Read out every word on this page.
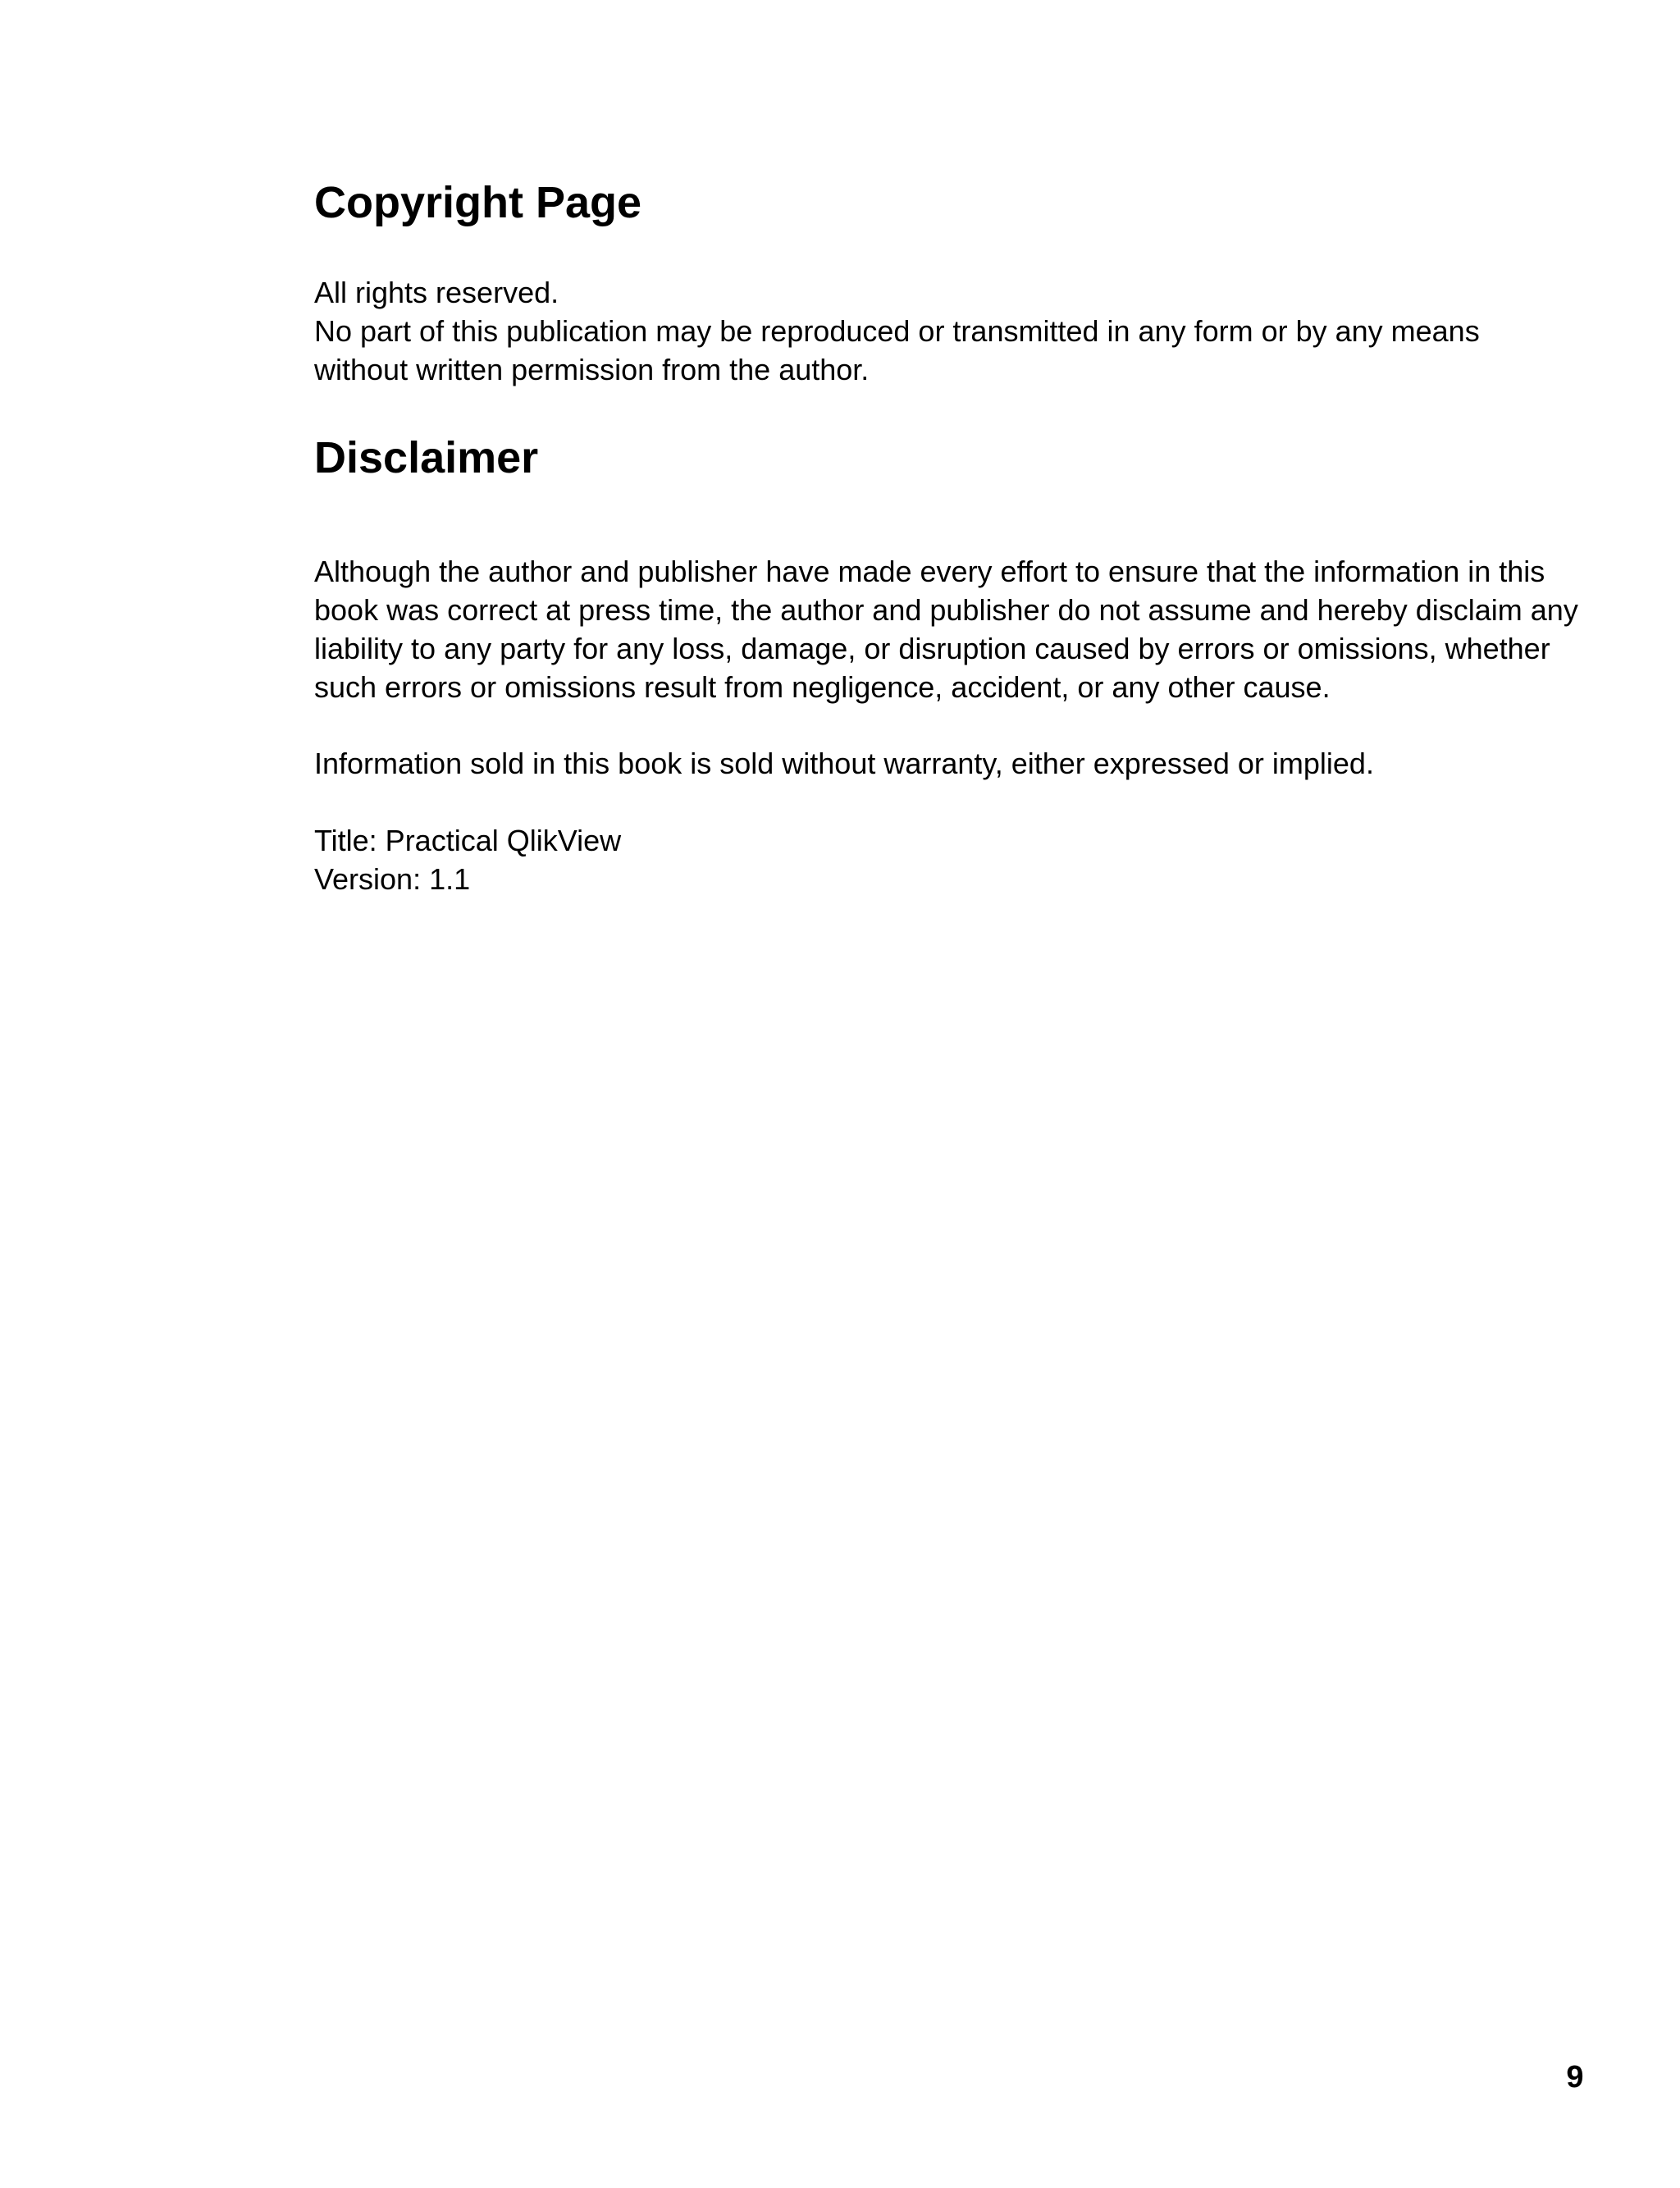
Copyright Page

All rights reserved.

No part of this publication may be reproduced or transmitted in any form or by any means

without written permission from the author.

Disclaimer

Although the author and publisher have made every effort to ensure that the information in this

book was correct at press time, the author and publisher do not assume and hereby disclaim any

liability to any party for any loss, damage, or disruption caused by errors or omissions, whether

such errors or omissions result from negligence, accident, or any other cause.

Information sold in this book is sold without warranty, either expressed or implied.

Title: Practical QlikView

Version: 1.1

9
